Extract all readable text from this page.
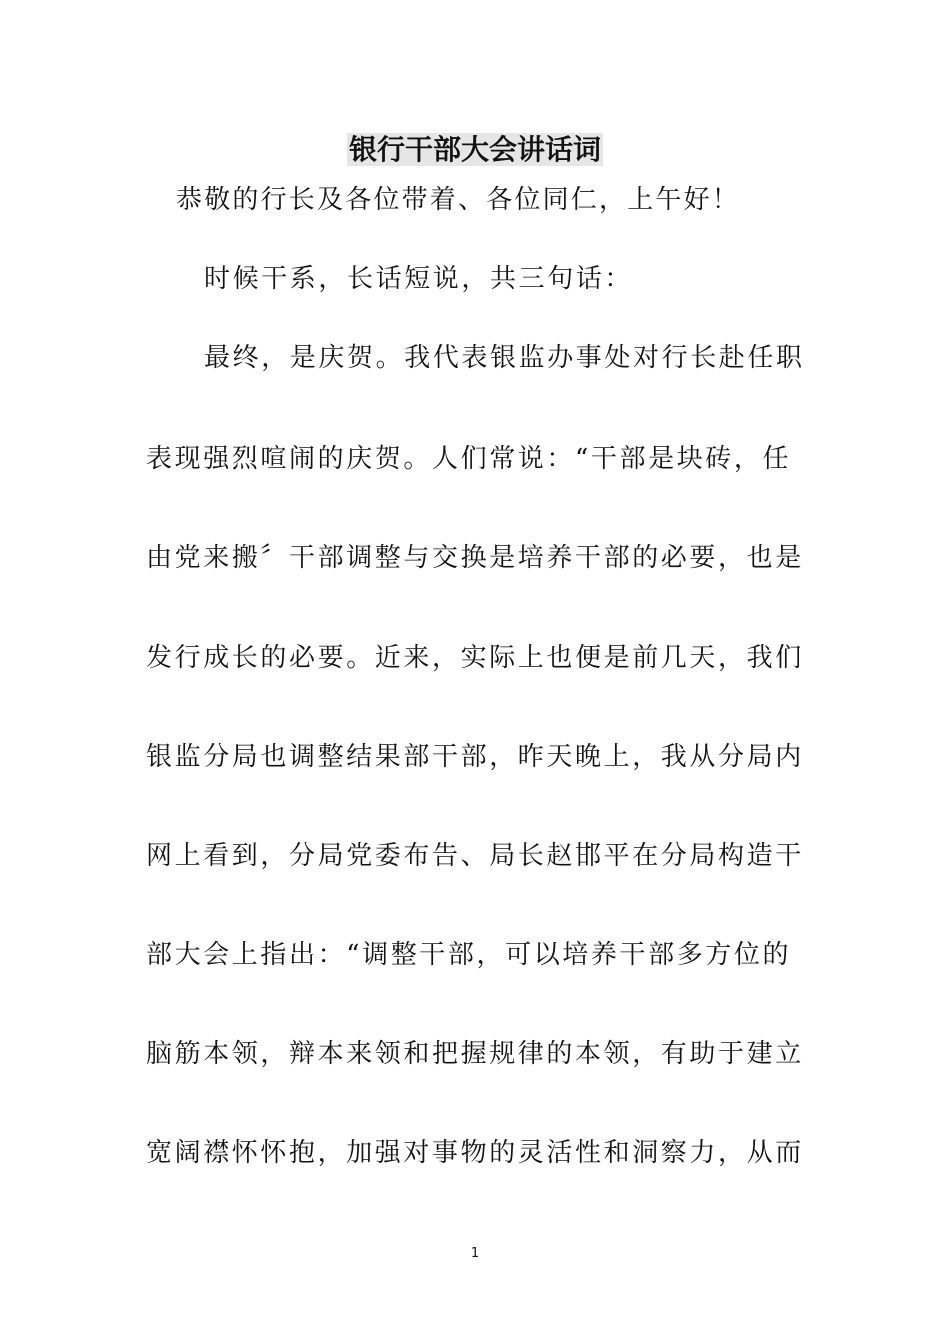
银行干部大会讲话词

恭敬的行长及各位带着、各位同仁，上午好！

时候干系，长话短说，共三句话：

最终，是庆贺。我代表银监办事处对行长赴任职

表现强烈喧闹的庆贺。人们常说：“干部是块砖，任

由党来搬〞干部调整与交换是培养干部的必要，也是

发行成长的必要。近来，实际上也便是前几天，我们

银监分局也调整结果部干部，昨天晚上，我从分局内

网上看到，分局党委布告、局长赵邯平在分局构造干

部大会上指出：“调整干部，可以培养干部多方位的

脑筋本领，辩本来领和把握规律的本领，有助于建立

宽阔襟怀怀抱，加强对事物的灵活性和洞察力，从而

1
